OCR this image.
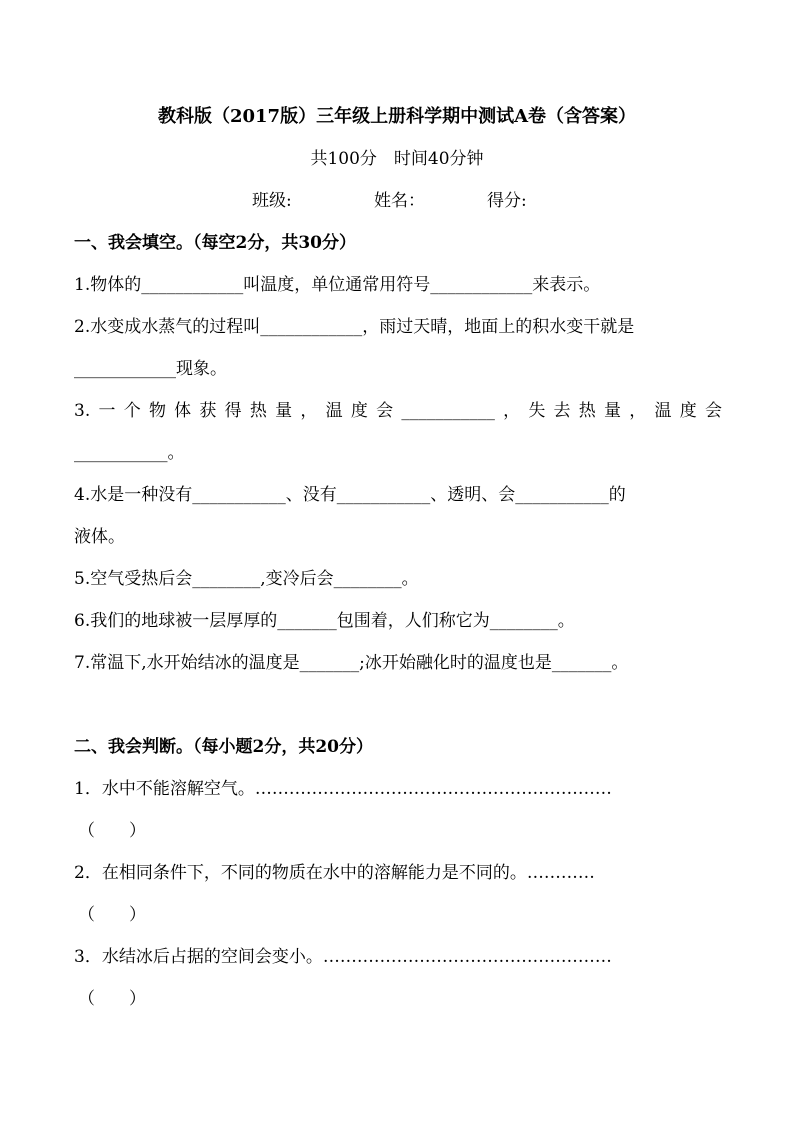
教科版（2017版）三年级上册科学期中测试A卷（含答案）
共100分　时间40分钟
班级:	姓名：	得分:
一、我会填空。（每空2分，共30分）
1.物体的____________叫温度，单位通常用符号____________来表示。
2.水变成水蒸气的过程叫____________，雨过天晴，地面上的积水变干就是
____________现象。
3.一个物体获得热量，温度会___________，失去热量，温度会
___________。
4.水是一种没有___________、没有___________、透明、会___________的
液体。
5.空气受热后会________,变冷后会________。
6.我们的地球被一层厚厚的_______包围着，人们称它为________。
7.常温下,水开始结冰的温度是_______;冰开始融化时的温度也是_______。
二、我会判断。（每小题2分，共20分）
1．水中不能溶解空气。………………………………………………………
（　　）
2．在相同条件下，不同的物质在水中的溶解能力是不同的。…………
（　　）
3．水结冰后占据的空间会变小。……………………………………………
（　　）
